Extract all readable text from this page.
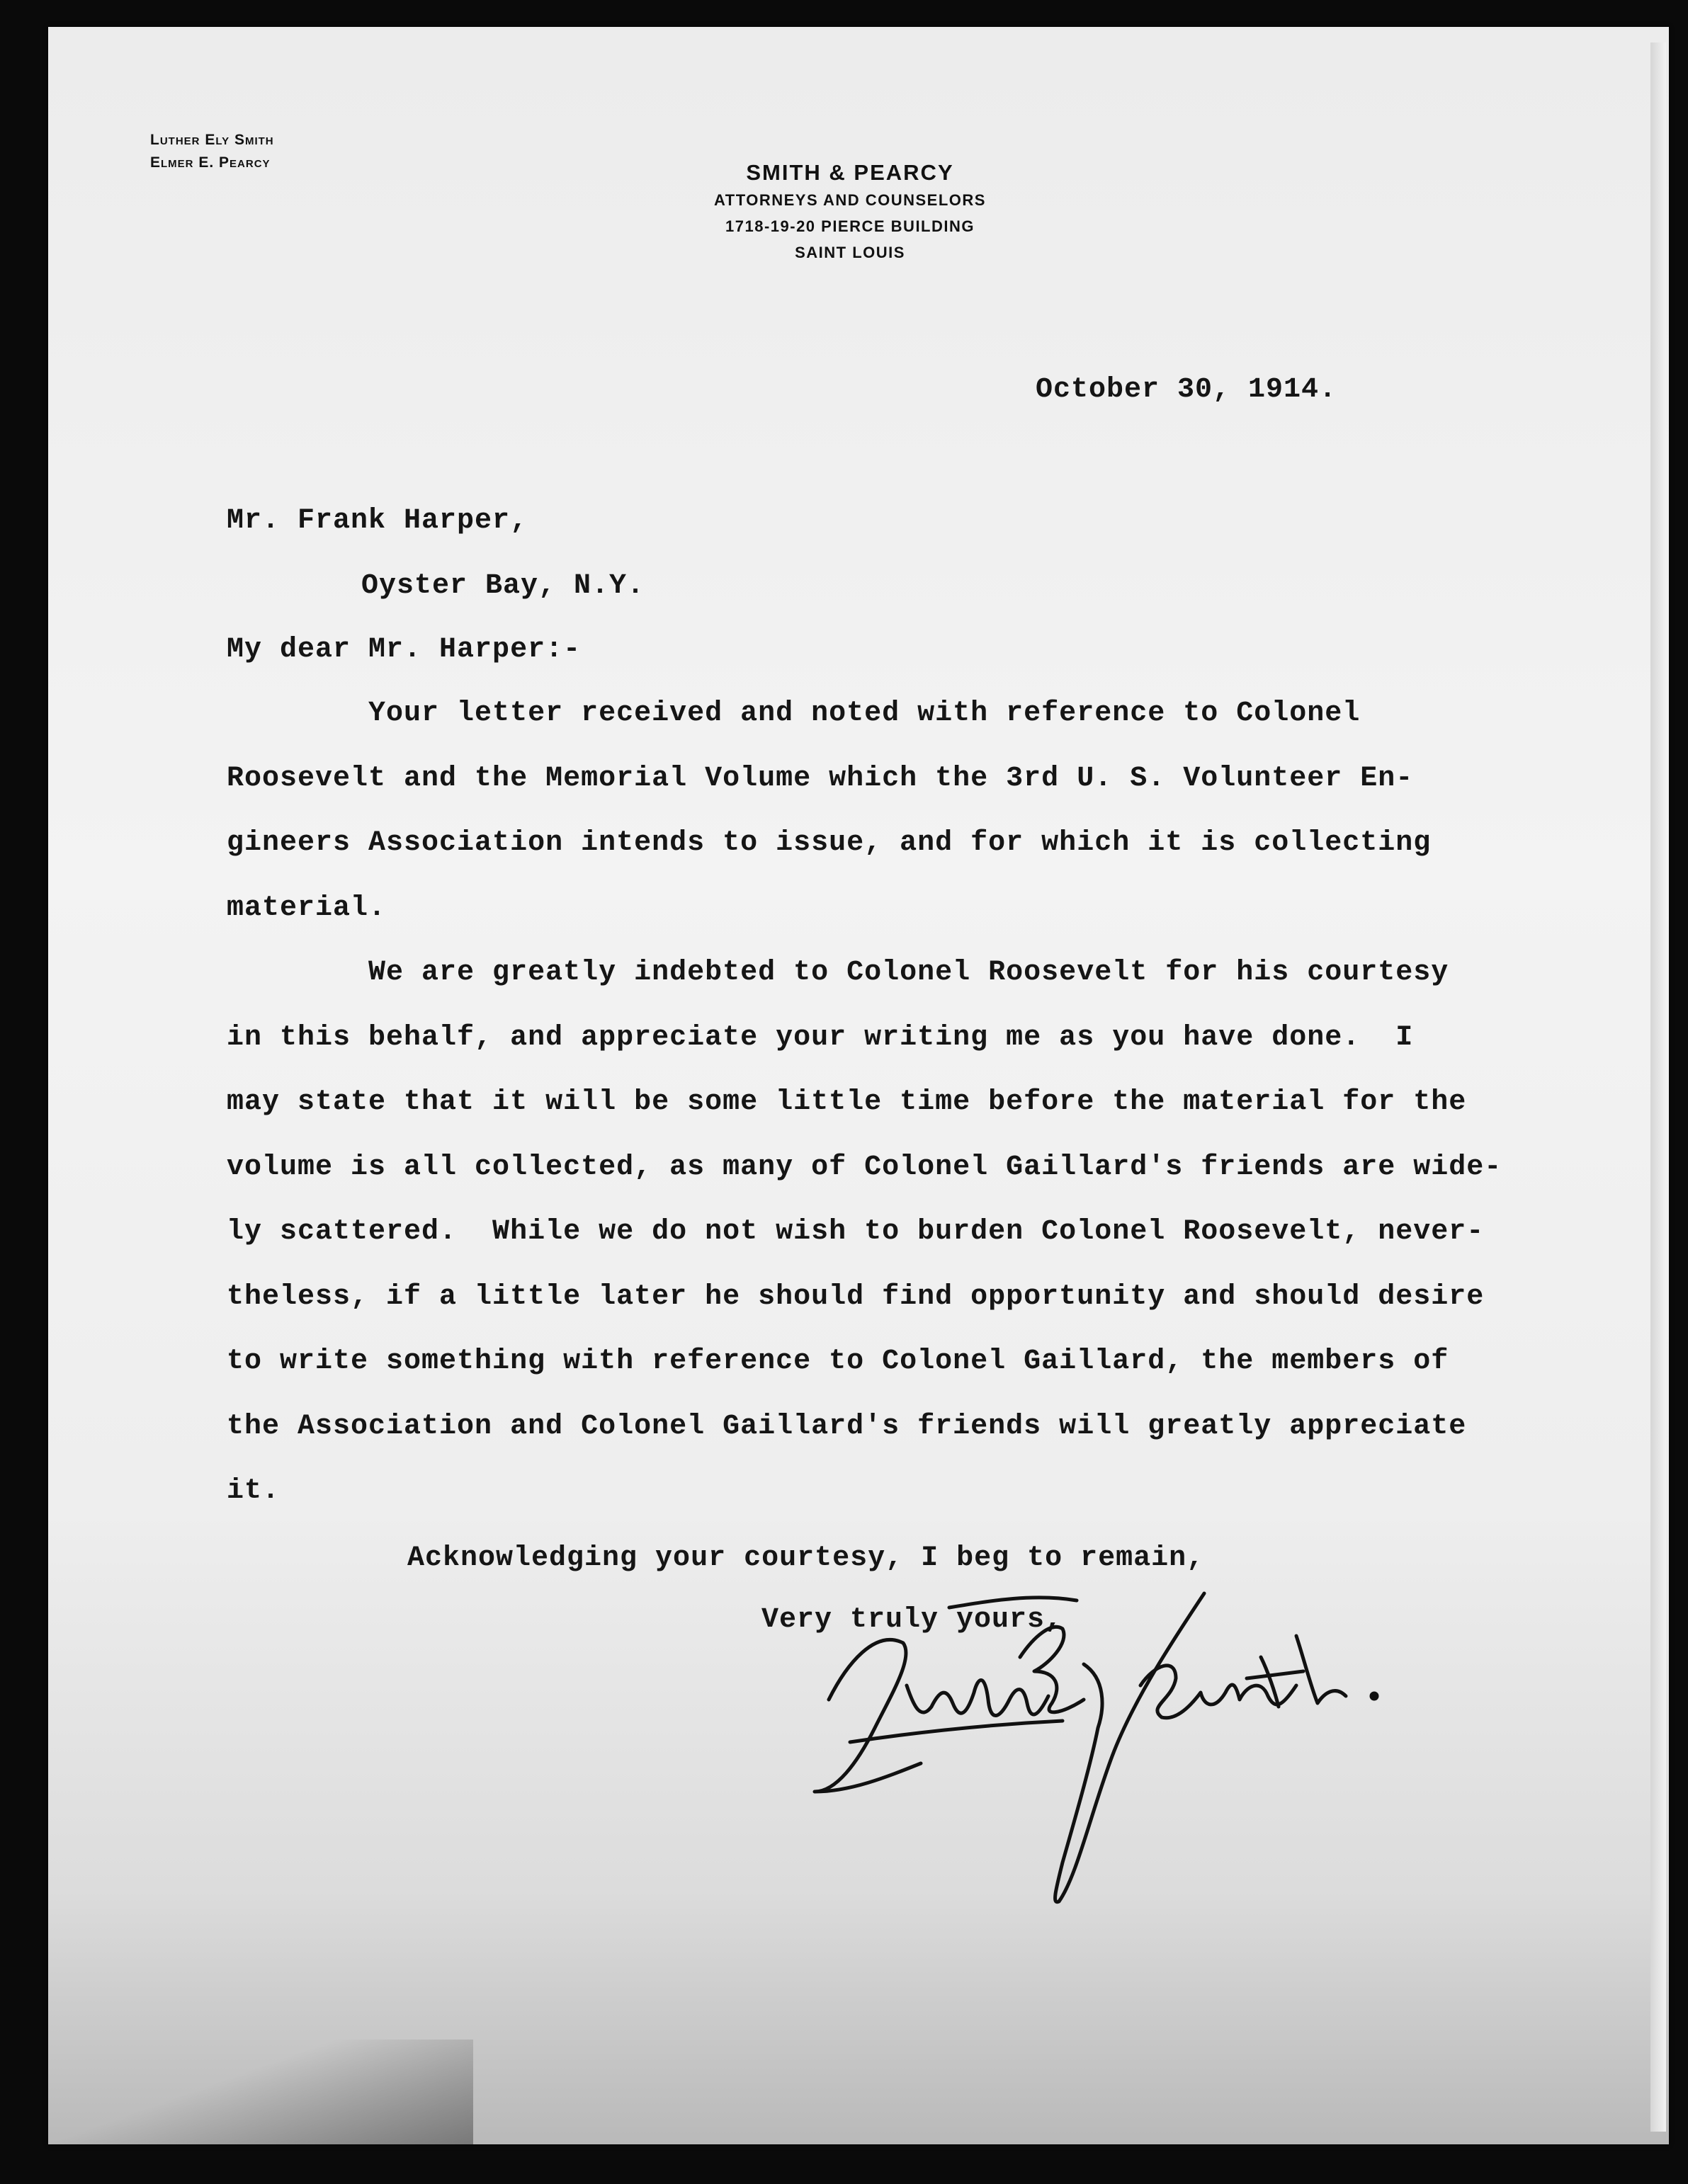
Luther Ely Smith
Elmer E. Pearcy	SMITH & PEARCY
ATTORNEYS AND COUNSELORS
1718-19-20 PIERCE BUILDING
SAINT LOUIS
October 30, 1914.
Mr. Frank Harper,
Oyster Bay, N.Y.
My dear Mr. Harper:-
Your letter received and noted with reference to Colonel
Roosevelt and the Memorial Volume which the 3rd U. S. Volunteer En-
gineers Association intends to issue, and for which it is collecting
material.
We are greatly indebted to Colonel Roosevelt for his courtesy
in this behalf, and appreciate your writing me as you have done.  I
may state that it will be some little time before the material for the
volume is all collected, as many of Colonel Gaillard's friends are wide-
ly scattered.  While we do not wish to burden Colonel Roosevelt, never-
theless, if a little later he should find opportunity and should desire
to write something with reference to Colonel Gaillard, the members of
the Association and Colonel Gaillard's friends will greatly appreciate
it.
Acknowledging your courtesy, I beg to remain,
Very truly yours,
